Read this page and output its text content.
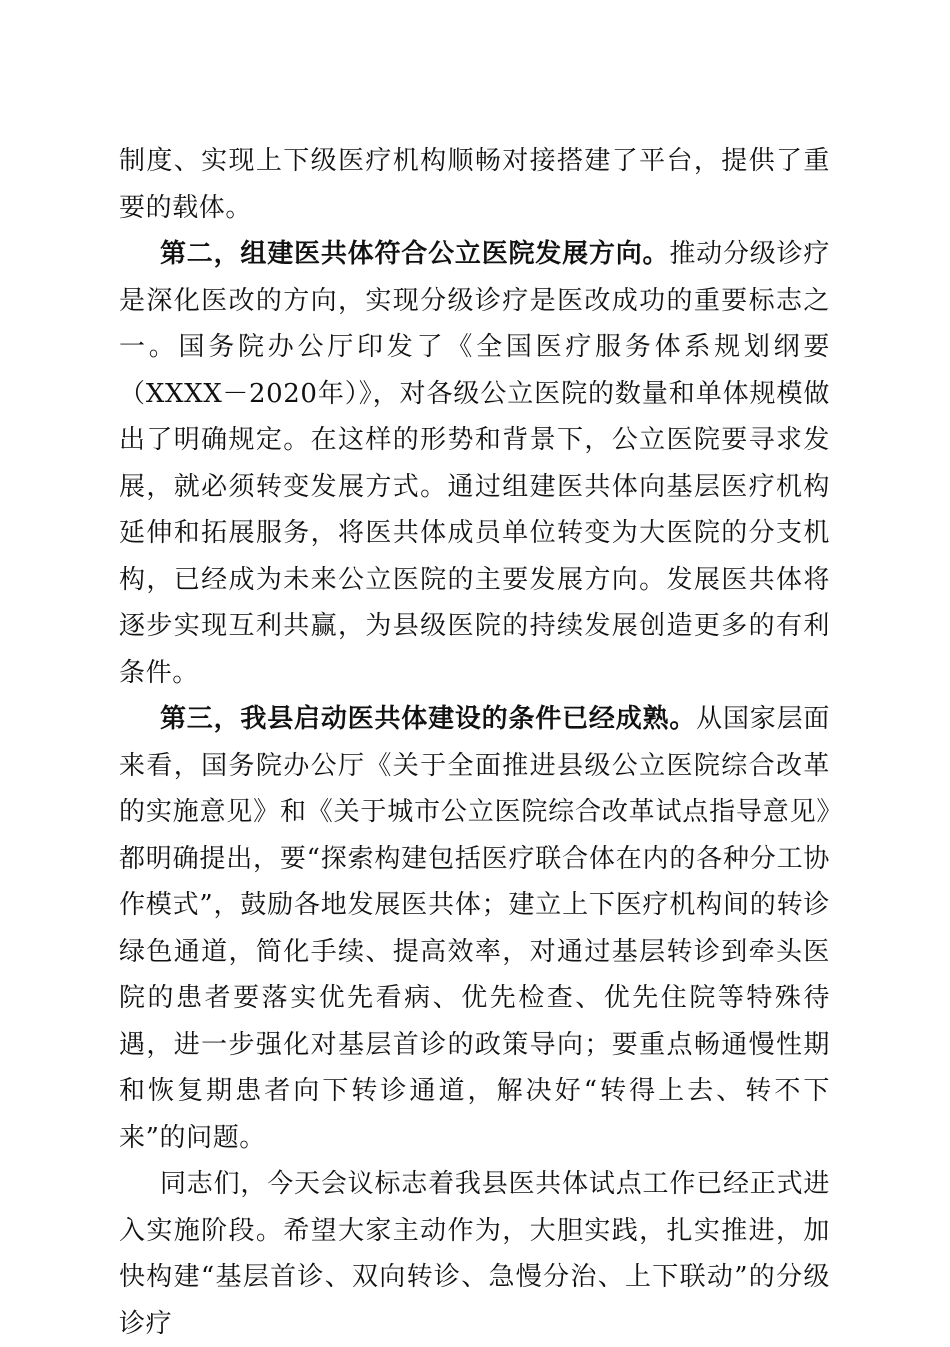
制度、实现上下级医疗机构顺畅对接搭建了平台，提供了重要的载体。

第二，组建医共体符合公立医院发展方向。推动分级诊疗是深化医改的方向，实现分级诊疗是医改成功的重要标志之一。国务院办公厅印发了《全国医疗服务体系规划纲要（XXXX－2020年）》，对各级公立医院的数量和单体规模做出了明确规定。在这样的形势和背景下，公立医院要寻求发展，就必须转变发展方式。通过组建医共体向基层医疗机构延伸和拓展服务，将医共体成员单位转变为大医院的分支机构，已经成为未来公立医院的主要发展方向。发展医共体将逐步实现互利共赢，为县级医院的持续发展创造更多的有利条件。

第三，我县启动医共体建设的条件已经成熟。从国家层面来看，国务院办公厅《关于全面推进县级公立医院综合改革的实施意见》和《关于城市公立医院综合改革试点指导意见》都明确提出，要“探索构建包括医疗联合体在内的各种分工协作模式”，鼓励各地发展医共体；建立上下医疗机构间的转诊绿色通道，简化手续、提高效率，对通过基层转诊到牵头医院的患者要落实优先看病、优先检查、优先住院等特殊待遇，进一步强化对基层首诊的政策导向；要重点畅通慢性期和恢复期患者向下转诊通道，解决好“转得上去、转不下来”的问题。

同志们，今天会议标志着我县医共体试点工作已经正式进入实施阶段。希望大家主动作为，大胆实践，扎实推进，加快构建“基层首诊、双向转诊、急慢分治、上下联动”的分级诊疗
